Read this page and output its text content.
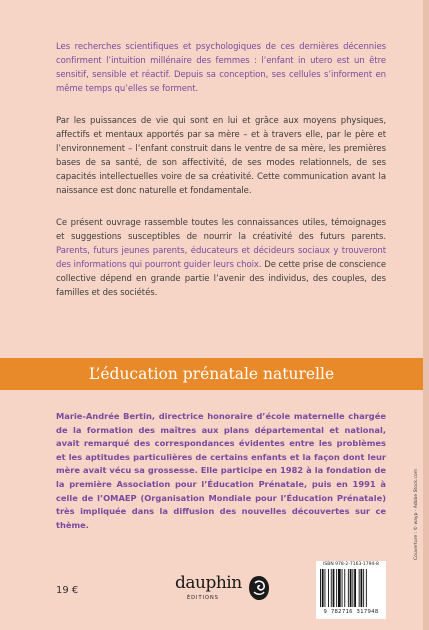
Les recherches scientifiques et psychologiques de ces dernières décennies confirment l’intuition millénaire des femmes : l’enfant in utero est un être sensitif, sensible et réactif. Depuis sa conception, ses cellules s’informent en même temps qu’elles se forment.

Par les puissances de vie qui sont en lui et grâce aux moyens physiques, affectifs et mentaux apportés par sa mère – et à travers elle, par le père et l’environnement – l’enfant construit dans le ventre de sa mère, les premières bases de sa santé, de son affectivité, de ses modes relationnels, de ses capacités intellectuelles voire de sa créativité. Cette communication avant la naissance est donc naturelle et fondamentale.

Ce présent ouvrage rassemble toutes les connaissances utiles, témoignages et suggestions susceptibles de nourrir la créativité des futurs parents. Parents, futurs jeunes parents, éducateurs et décideurs sociaux y trouveront des informations qui pourront guider leurs choix. De cette prise de conscience collective dépend en grande partie l’avenir des individus, des couples, des familles et des sociétés.

L’éducation prénatale naturelle

Marie-Andrée Bertin, directrice honoraire d’école maternelle chargée de la formation des maîtres aux plans départemental et national, avait remarqué des correspondances évidentes entre les problèmes et les aptitudes particulières de certains enfants et la façon dont leur mère avait vécu sa grossesse. Elle participe en 1982 à la fondation de la première Association pour l’Éducation Prénatale, puis en 1991 à celle de l’OMAEP (Organisation Mondiale pour l’Éducation Prénatale) très impliquée dans la diffusion des nouvelles découvertes sur ce thème.	Couverture : © wayp - Adobe Stock.com
19 €	dauphin
ÉDITIONS
ISBN 978-2-7163-1794-8
9 782716 317948
